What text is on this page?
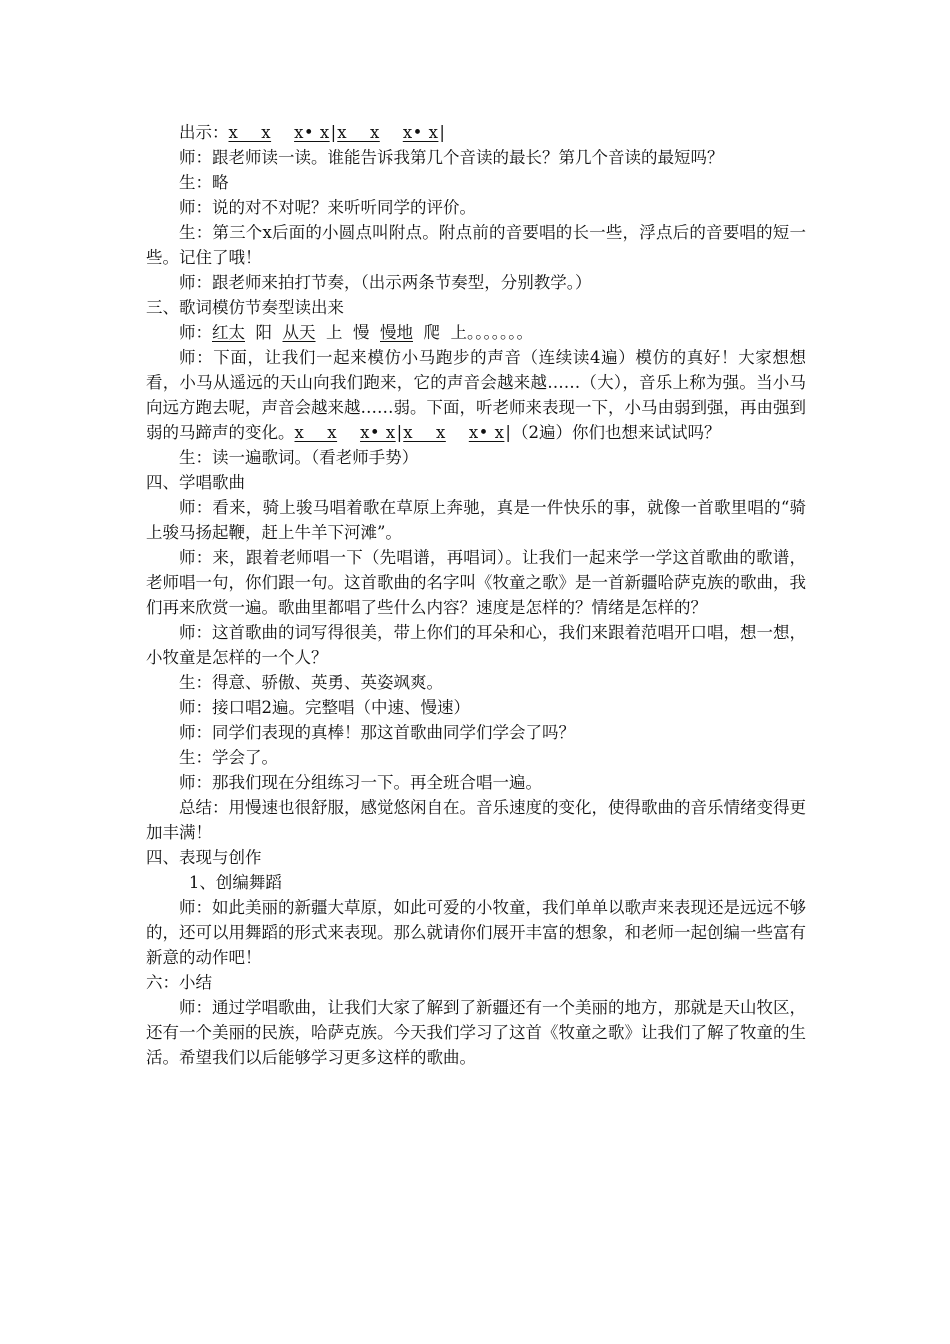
出示：x    x x• x|x    x x• x|

师：跟老师读一读。谁能告诉我第几个音读的最长？第几个音读的最短吗？

生：略

师：说的对不对呢？来听听同学的评价。

生：第三个x后面的小圆点叫附点。附点前的音要唱的长一些，浮点后的音要唱的短一些。记住了哦！

师：跟老师来拍打节奏，（出示两条节奏型，分别教学。）

三、歌词模仿节奏型读出来

师：红太 阳 从天 上 慢 慢地 爬 上。。。。。。。

师：下面，让我们一起来模仿小马跑步的声音（连续读4遍）模仿的真好！大家想想看，小马从遥远的天山向我们跑来，它的声音会越来越……（大），音乐上称为强。当小马向远方跑去呢，声音会越来越……弱。下面，听老师来表现一下，小马由弱到强，再由强到弱的马蹄声的变化。x    x x• x|x    x x• x|（2遍）你们也想来试试吗？

生：读一遍歌词。（看老师手势）

四、学唱歌曲

师：看来，骑上骏马唱着歌在草原上奔驰，真是一件快乐的事，就像一首歌里唱的“骑上骏马扬起鞭，赶上牛羊下河滩”。

师：来，跟着老师唱一下（先唱谱，再唱词）。让我们一起来学一学这首歌曲的歌谱，老师唱一句，你们跟一句。这首歌曲的名字叫《牧童之歌》是一首新疆哈萨克族的歌曲，我们再来欣赏一遍。歌曲里都唱了些什么内容？速度是怎样的？情绪是怎样的？

师：这首歌曲的词写得很美，带上你们的耳朵和心，我们来跟着范唱开口唱，想一想，小牧童是怎样的一个人？

生：得意、骄傲、英勇、英姿飒爽。

师：接口唱2遍。完整唱（中速、慢速）

师：同学们表现的真棒！那这首歌曲同学们学会了吗？

生：学会了。

师：那我们现在分组练习一下。再全班合唱一遍。

总结：用慢速也很舒服，感觉悠闲自在。音乐速度的变化，使得歌曲的音乐情绪变得更加丰满！

四、表现与创作

1、创编舞蹈

师：如此美丽的新疆大草原，如此可爱的小牧童，我们单单以歌声来表现还是远远不够的，还可以用舞蹈的形式来表现。那么就请你们展开丰富的想象，和老师一起创编一些富有新意的动作吧！

六：小结

师：通过学唱歌曲，让我们大家了解到了新疆还有一个美丽的地方，那就是天山牧区，还有一个美丽的民族，哈萨克族。今天我们学习了这首《牧童之歌》让我们了解了牧童的生活。希望我们以后能够学习更多这样的歌曲。
